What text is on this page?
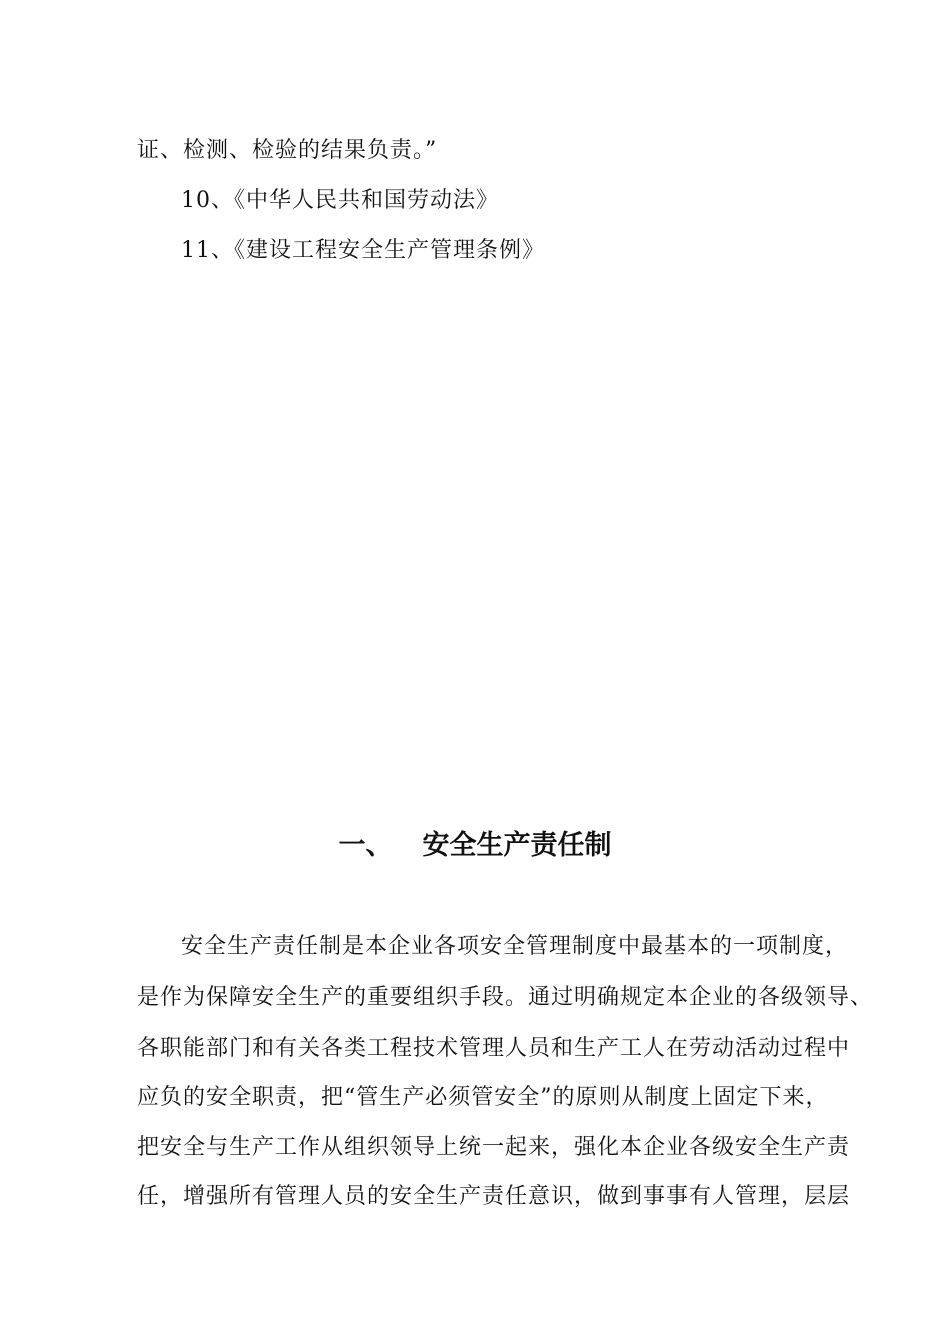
证、检测、检验的结果负责。”
10、《中华人民共和国劳动法》
11、《建设工程安全生产管理条例》
一、 安全生产责任制
安全生产责任制是本企业各项安全管理制度中最基本的一项制度，
是作为保障安全生产的重要组织手段。通过明确规定本企业的各级领导、
各职能部门和有关各类工程技术管理人员和生产工人在劳动活动过程中
应负的安全职责，把“管生产必须管安全”的原则从制度上固定下来，
把安全与生产工作从组织领导上统一起来，强化本企业各级安全生产责
任，增强所有管理人员的安全生产责任意识，做到事事有人管理，层层
